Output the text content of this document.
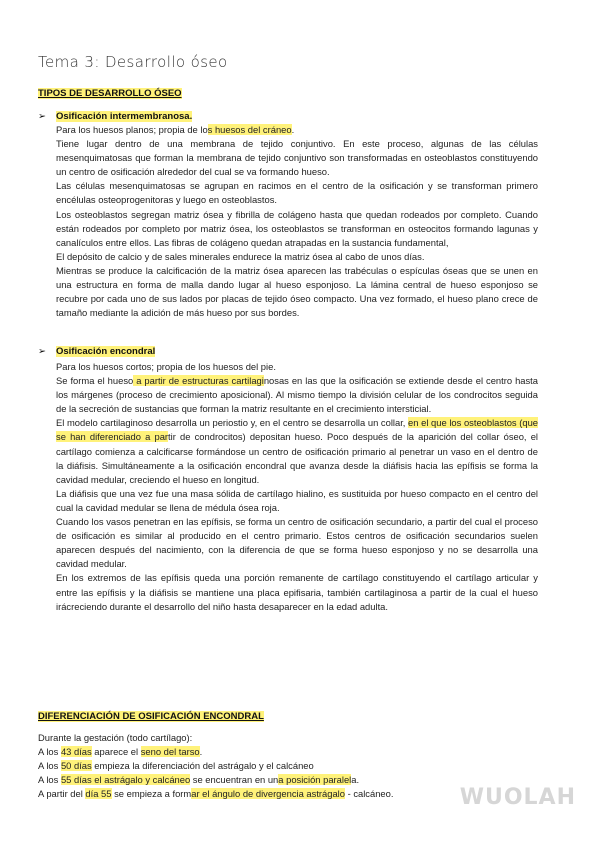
Tema 3: Desarrollo óseo
TIPOS DE DESARROLLO ÓSEO
➢ Osificación intermembranosa.

Para los huesos planos; propia de los huesos del cráneo.

Tiene lugar dentro de una membrana de tejido conjuntivo. En este proceso, algunas de las células mesenquimatosas que forman la membrana de tejido conjuntivo son transformadas en osteoblastos constituyendo un centro de osificación alrededor del cual se va formando hueso.

Las células mesenquimatosas se agrupan en racimos en el centro de la osificación y se transforman primero encélulas osteoprogenitoras y luego en osteoblastos.

Los osteoblastos segregan matriz ósea y fibrilla de colágeno hasta que quedan rodeados por completo. Cuando están rodeados por completo por matriz ósea, los osteoblastos se transforman en osteocitos formando lagunas y canalículos entre ellos. Las fibras de colágeno quedan atrapadas en la sustancia fundamental,

El depósito de calcio y de sales minerales endurece la matriz ósea al cabo de unos días.

Mientras se produce la calcificación de la matriz ósea aparecen las trabéculas o espículas óseas que se unen en una estructura en forma de malla dando lugar al hueso esponjoso. La lámina central de hueso esponjoso se recubre por cada uno de sus lados por placas de tejido óseo compacto. Una vez formado, el hueso plano crece de tamaño mediante la adición de más hueso por sus bordes.

➢ Osificación encondral

Para los huesos cortos; propia de los huesos del pie.

Se forma el hueso a partir de estructuras cartilaginosas en las que la osificación se extiende desde el centro hasta los márgenes (proceso de crecimiento aposicional). Al mismo tiempo la división celular de los condrocitos seguida de la secreción de sustancias que forman la matriz resultante en el crecimiento intersticial.

El modelo cartilaginoso desarrolla un periostio y, en el centro se desarrolla un collar, en el que los osteoblastos (que se han diferenciado a partir de condrocitos) depositan hueso. Poco después de la aparición del collar óseo, el cartílago comienza a calcificarse formándose un centro de osificación primario al penetrar un vaso en el dentro de la diáfisis. Simultáneamente a la osificación encondral que avanza desde la diáfisis hacia las epífisis se forma la cavidad medular, creciendo el hueso en longitud.

La diáfisis que una vez fue una masa sólida de cartílago hialino, es sustituida por hueso compacto en el centro del cual la cavidad medular se llena de médula ósea roja.

Cuando los vasos penetran en las epífisis, se forma un centro de osificación secundario, a partir del cual el proceso de osificación es similar al producido en el centro primario. Estos centros de osificación secundarios suelen aparecen después del nacimiento, con la diferencia de que se forma hueso esponjoso y no se desarrolla una cavidad medular.

En los extremos de las epífisis queda una porción remanente de cartílago constituyendo el cartílago articular y entre las epífisis y la diáfisis se mantiene una placa epifisaria, también cartilaginosa a partir de la cual el hueso irácreciendo durante el desarrollo del niño hasta desaparecer en la edad adulta.

DIFERENCIACIÓN DE OSIFICACIÓN ENCONDRAL

Durante la gestación (todo cartílago):

A los 43 días aparece el seno del tarso.

A los 50 días empieza la diferenciación del astrágalo y el calcáneo

A los 55 días el astrágalo y calcáneo se encuentran en una posición paralela.

A partir del día 55 se empieza a formar el ángulo de divergencia astrágalo - calcáneo.	WUOLAH
